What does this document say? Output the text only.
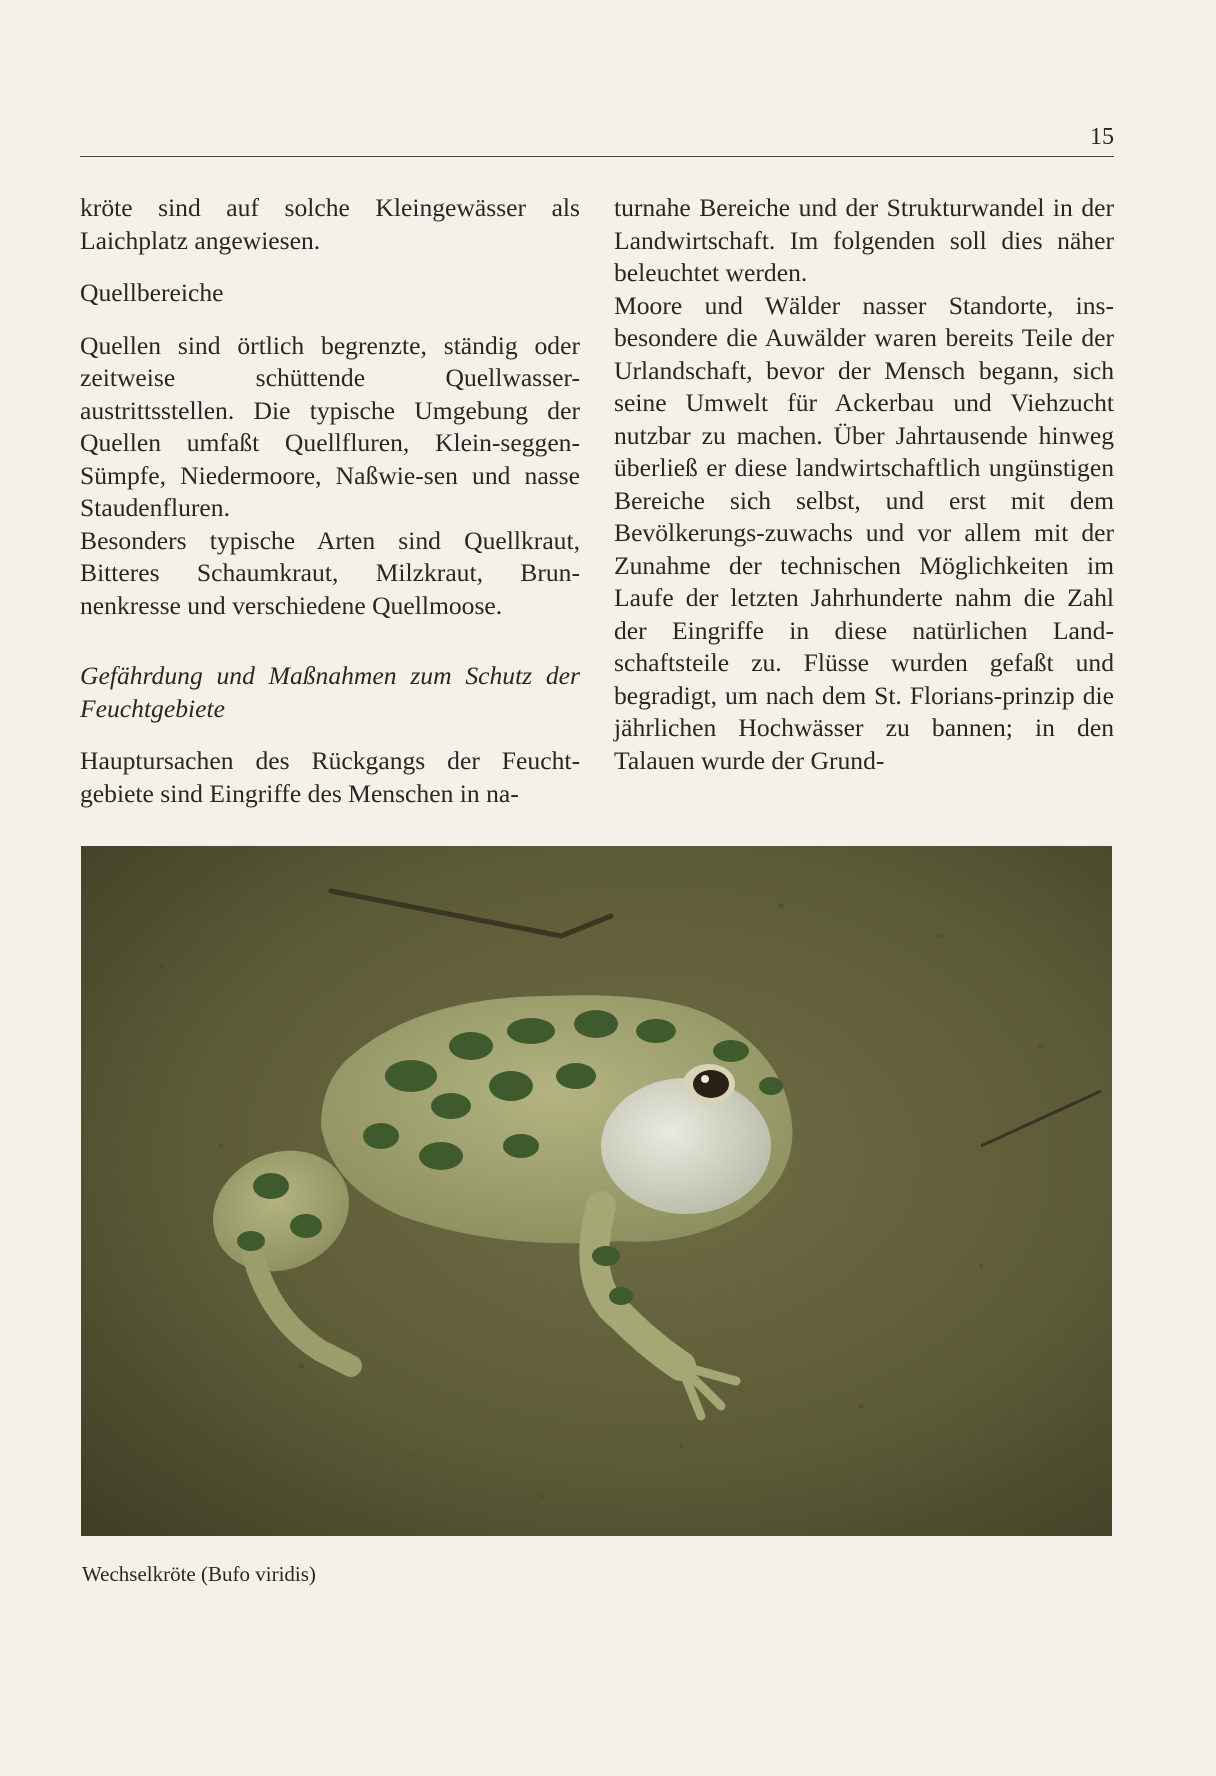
15

kröte sind auf solche Kleingewässer als Laichplatz angewiesen.

Quellbereiche

Quellen sind örtlich begrenzte, ständig oder zeitweise schüttende Quellwasser-austrittsstellen. Die typische Umgebung der Quellen umfaßt Quellfluren, Klein-seggen-Sümpfe, Niedermoore, Naßwie-sen und nasse Staudenfluren.

Besonders typische Arten sind Quellkraut, Bitteres Schaumkraut, Milzkraut, Brun-nenkresse und verschiedene Quellmoose.

Gefährdung und Maßnahmen zum Schutz der Feuchtgebiete

Hauptursachen des Rückgangs der Feucht-gebiete sind Eingriffe des Menschen in na-

turnahe Bereiche und der Strukturwandel in der Landwirtschaft. Im folgenden soll dies näher beleuchtet werden.

Moore und Wälder nasser Standorte, ins-besondere die Auwälder waren bereits Teile der Urlandschaft, bevor der Mensch begann, sich seine Umwelt für Ackerbau und Viehzucht nutzbar zu machen. Über Jahrtausende hinweg überließ er diese landwirtschaftlich ungünstigen Bereiche sich selbst, und erst mit dem Bevölkerungs-zuwachs und vor allem mit der Zunahme der technischen Möglichkeiten im Laufe der letzten Jahrhunderte nahm die Zahl der Eingriffe in diese natürlichen Land-schaftsteile zu. Flüsse wurden gefaßt und begradigt, um nach dem St. Florians-prinzip die jährlichen Hochwässer zu bannen; in den Talauen wurde der Grund-

Wechselkröte (Bufo viridis)
